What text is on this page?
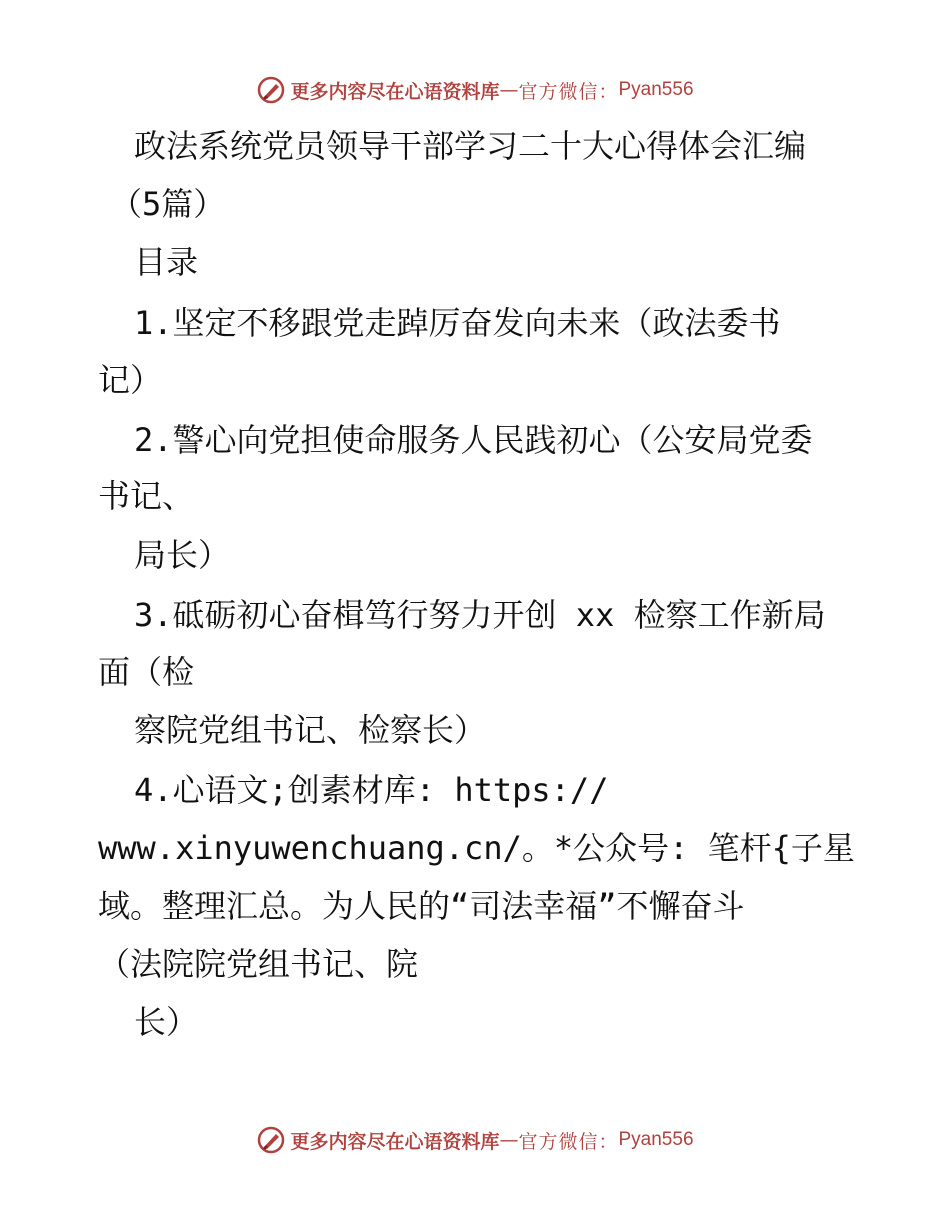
更多内容尽在心语资料库 — 官方微信： Pyan556
政法系统党员领导干部学习二十大心得体会汇编
（5篇）
目录
1.坚定不移跟党走踔厉奋发向未来（政法委书
记）
2.警心向党担使命服务人民践初心（公安局党委
书记、
局长）
3.砥砺初心奋楫笃行努力开创 xx 检察工作新局
面（检
察院党组书记、检察长）
4.心语文;创素材库: https://
www.xinyuwenchuang.cn/。*公众号: 笔杆{子星
域。整理汇总。为人民的“司法幸福”不懈奋斗
（法院院党组书记、院
长）
更多内容尽在心语资料库 — 官方微信： Pyan556
